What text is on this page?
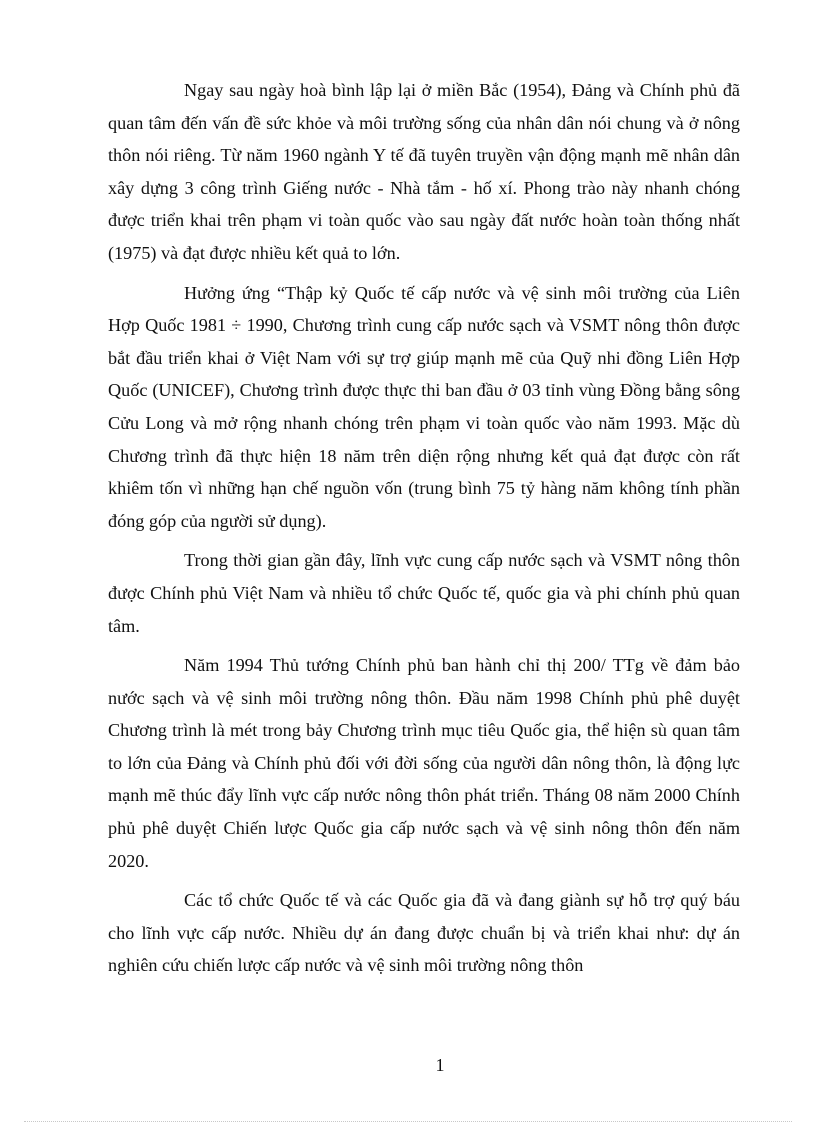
Ngay sau ngày hoà bình lập lại ở miền Bắc (1954), Đảng và Chính phủ đã quan tâm đến vấn đề sức khỏe và môi trường sống của nhân dân nói chung và ở nông thôn nói riêng. Từ năm 1960 ngành Y tế đã tuyên truyền vận động mạnh mẽ nhân dân xây dựng 3 công trình Giếng nước - Nhà tắm - hố xí. Phong trào này nhanh chóng được triển khai trên phạm vi toàn quốc vào sau ngày đất nước hoàn toàn thống nhất (1975) và đạt được nhiều kết quả to lớn.

Hưởng ứng “Thập kỷ Quốc tế cấp nước và vệ sinh môi trường của Liên Hợp Quốc 1981 ÷ 1990, Chương trình cung cấp nước sạch và VSMT nông thôn được bắt đầu triển khai ở Việt Nam với sự trợ giúp mạnh mẽ của Quỹ nhi đồng Liên Hợp Quốc (UNICEF), Chương trình được thực thi ban đầu ở 03 tỉnh vùng Đồng bằng sông Cửu Long và mở rộng nhanh chóng trên phạm vi toàn quốc vào năm 1993. Mặc dù Chương trình đã thực hiện 18 năm trên diện rộng nhưng kết quả đạt được còn rất khiêm tốn vì những hạn chế nguồn vốn (trung bình 75 tỷ hàng năm không tính phần đóng góp của người sử dụng).

Trong thời gian gần đây, lĩnh vực cung cấp nước sạch và VSMT nông thôn được Chính phủ Việt Nam và nhiều tổ chức Quốc tế, quốc gia và phi chính phủ quan tâm.

Năm 1994 Thủ tướng Chính phủ ban hành chỉ thị 200/ TTg về đảm bảo nước sạch và vệ sinh môi trường nông thôn. Đầu năm 1998 Chính phủ phê duyệt Chương trình là mét trong bảy Chương trình mục tiêu Quốc gia, thể hiện sù quan tâm to lớn của Đảng và Chính phủ đối với đời sống của người dân nông thôn, là động lực mạnh mẽ thúc đẩy lĩnh vực cấp nước nông thôn phát triển. Tháng 08 năm 2000 Chính phủ phê duyệt Chiến lược Quốc gia cấp nước sạch và vệ sinh nông thôn đến năm 2020.

Các tổ chức Quốc tế và các Quốc gia đã và đang giành sự hỗ trợ quý báu cho lĩnh vực cấp nước. Nhiều dự án đang được chuẩn bị và triển khai như: dự án nghiên cứu chiến lược cấp nước và vệ sinh môi trường nông thôn

1
